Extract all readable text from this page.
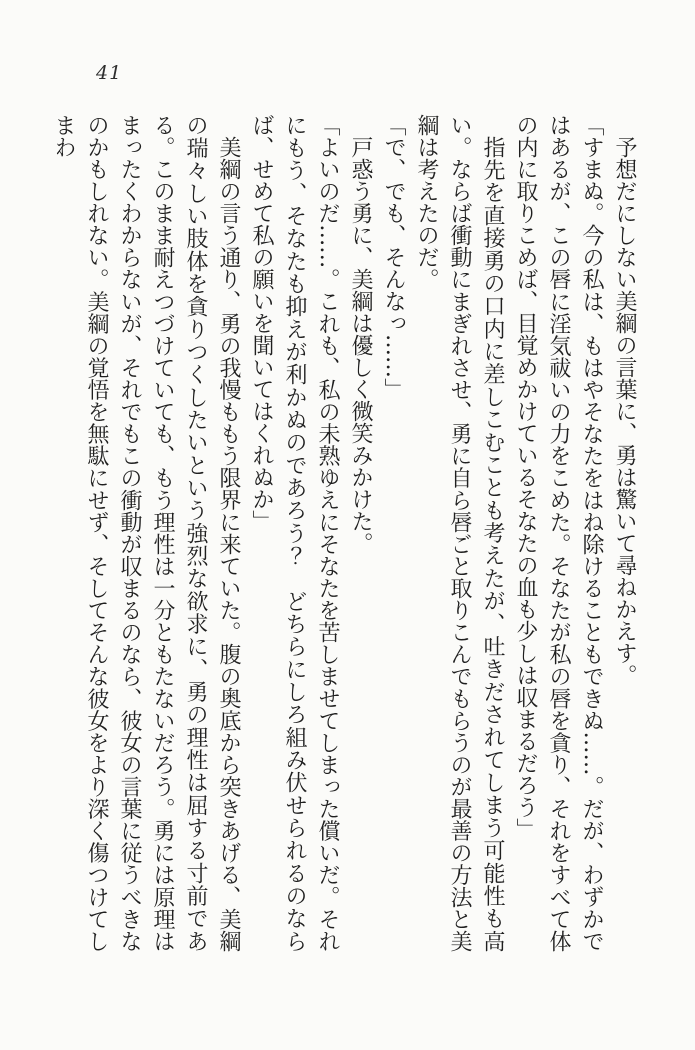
41

予想だにしない美綱の言葉に、勇は驚いて尋ねかえす。

「すまぬ。今の私は、もはやそなたをはね除けることもできぬ……。だが、わずかではあるが、この唇に淫気祓いの力をこめた。そなたが私の唇を貪り、それをすべて体の内に取りこめば、目覚めかけているそなたの血も少しは収まるだろう」

指先を直接勇の口内に差しこむことも考えたが、吐きだされてしまう可能性も高い。ならば衝動にまぎれさせ、勇に自ら唇ごと取りこんでもらうのが最善の方法と美綱は考えたのだ。

「で、でも、そんなっ……」

戸惑う勇に、美綱は優しく微笑みかけた。

「よいのだ……。これも、私の未熟ゆえにそなたを苦しませてしまった償いだ。それにもう、そなたも抑えが利かぬのであろう？　どちらにしろ組み伏せられるのならば、せめて私の願いを聞いてはくれぬか」

美綱の言う通り、勇の我慢ももう限界に来ていた。腹の奥底から突きあげる、美綱の瑞々しい肢体を貪りつくしたいという強烈な欲求に、勇の理性は屈する寸前である。このまま耐えつづけていても、もう理性は一分ともたないだろう。勇には原理はまったくわからないが、それでもこの衝動が収まるのなら、彼女の言葉に従うべきなのかもしれない。美綱の覚悟を無駄にせず、そしてそんな彼女をより深く傷つけてしまわ
